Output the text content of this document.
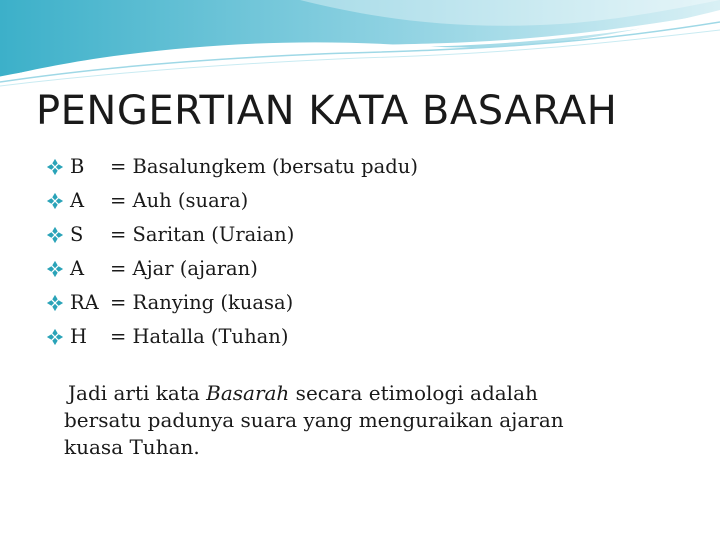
PENGERTIAN KATA BASARAH
B	= Basalungkem (bersatu padu)
A	= Auh (suara)
S	= Saritan (Uraian)
A	= Ajar (ajaran)
RA = Ranying (kuasa)
H	= Hatalla (Tuhan)
Jadi arti kata Basarah secara etimologi adalah
bersatu padunya suara yang menguraikan ajaran
kuasa Tuhan.
